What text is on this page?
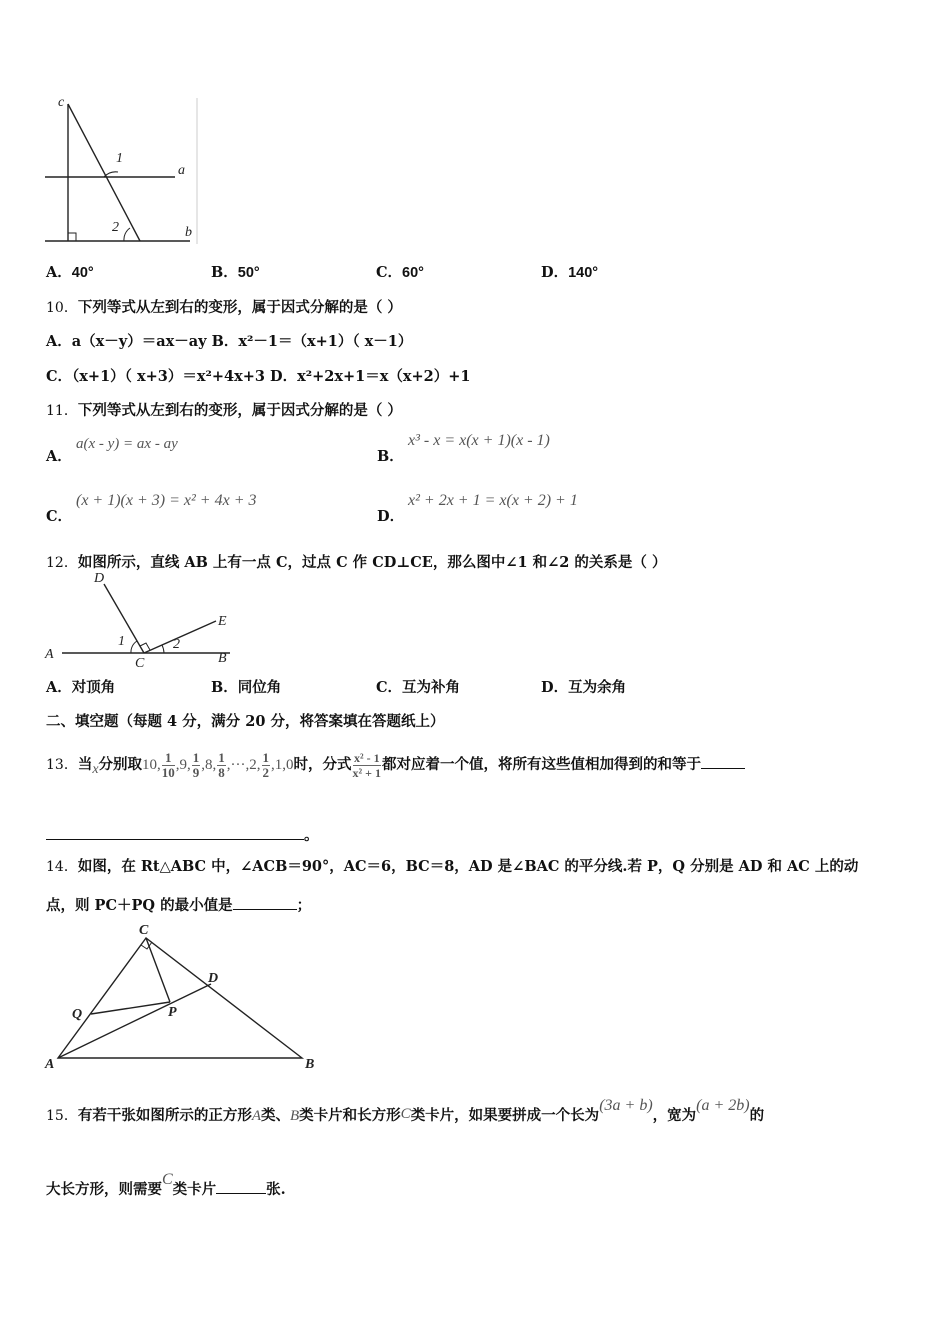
c
1
2
a
b
A．40°	B．50°	C．60°	D．140°
10．下列等式从左到右的变形，属于因式分解的是（ ）
A．a（x－y）＝ax－ay B．x²－1＝（x+1）（ x－1）
C．（x+1）（ x+3）＝x²+4x+3 D．x²+2x+1＝x（x+2）+1
11．下列等式从左到右的变形，属于因式分解的是（ ）
A．
a(x - y) = ax - ay
B．
x³ - x = x(x + 1)(x - 1)
C．
(x + 1)(x + 3) = x² + 4x + 3
D．
x² + 2x + 1 = x(x + 2) + 1
12．如图所示，直线 AB 上有一点 C，过点 C 作 CD⊥CE，那么图中∠1 和∠2 的关系是（ ）
D
E
A	B
C
1	2
A．对顶角	B．同位角	C．互为补角	D．互为余角
二、填空题（每题 4 分，满分 20 分，将答案填在答题纸上）
13．当x分别取10, $\frac{1}{10} ,9$, $\frac{1}{9} ,8$, $\frac{1}{8} ,\cdot\cdot\cdot,2$, $\frac{1}{2} ,1,0$时，分式 $\frac{\text{x² - 1}}{\text{x² + 1}}$ 都对应着一个值，将所有这些值相加得到的和等于
。
14．如图，在 Rt△ABC 中，∠ACB＝90°，AC＝6，BC＝8，AD 是∠BAC 的平分线.若 P，Q 分别是 AD 和 AC 上的动
点，则 PC＋PQ 的最小值是	；
C
D
Q	P
A	B
15．有若干张如图所示的正方形A类、B类卡片和长方形C类卡片，如果要拼成一个长为(3a + b)，宽为(a + 2b)的
大长方形，则需要C类卡片	张.
